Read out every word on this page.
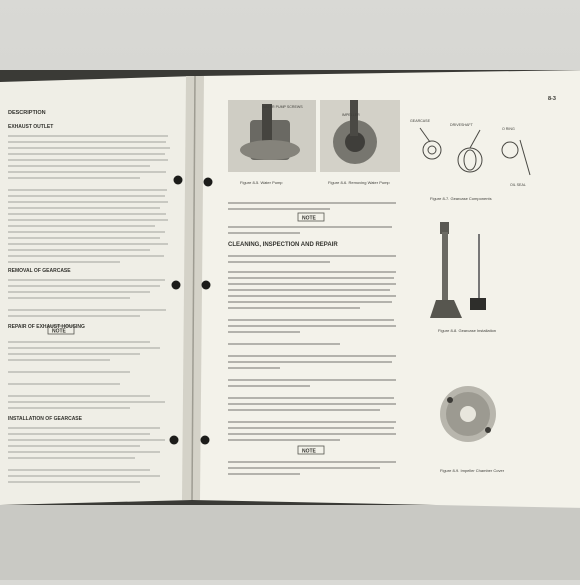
DESCRIPTION
EXHAUST OUTLET
REMOVAL OF GEARCASE
REPAIR OF EXHAUST HOUSING
NOTE
INSTALLATION OF GEARCASE
8-3
WATER PUMP SCREWS
Figure 8-5. Water Pump
IMPELLER
Figure 8-6. Removing Water Pump
GEARCASE
DRIVESHAFT
O RING
OIL SEAL
Figure 8-7. Gearcase Components
NOTE
CLEANING, INSPECTION AND REPAIR
NOTE
Figure 8-8. Gearcase Installation
Figure 8-9. Impeller Chamber Cover
